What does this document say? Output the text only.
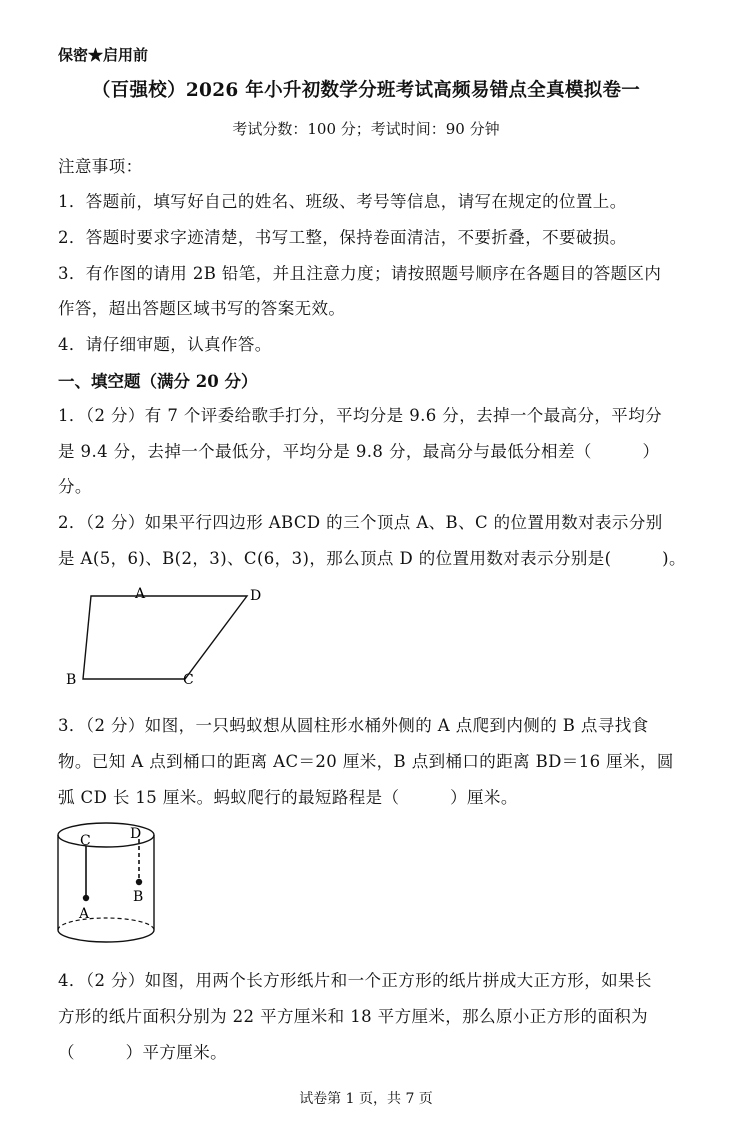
保密★启用前
（百强校）2026 年小升初数学分班考试高频易错点全真模拟卷一
考试分数：100 分；考试时间：90 分钟
注意事项：
1．答题前，填写好自己的姓名、班级、考号等信息，请写在规定的位置上。
2．答题时要求字迹清楚，书写工整，保持卷面清洁，不要折叠，不要破损。
3．有作图的请用 2B 铅笔，并且注意力度；请按照题号顺序在各题目的答题区内
作答，超出答题区域书写的答案无效。
4．请仔细审题，认真作答。
一、填空题（满分 20 分）
1．（2 分）有 7 个评委给歌手打分，平均分是 9.6 分，去掉一个最高分，平均分
是 9.4 分，去掉一个最低分，平均分是 9.8 分，最高分与最低分相差（　　　）
分。
2．（2 分）如果平行四边形 ABCD 的三个顶点 A、B、C 的位置用数对表示分别
是 A(5，6)、B(2，3)、C(6，3)，那么顶点 D 的位置用数对表示分别是(　　　)。
A	D
B	C
3．（2 分）如图，一只蚂蚁想从圆柱形水桶外侧的 A 点爬到内侧的 B 点寻找食
物。已知 A 点到桶口的距离 AC＝20 厘米，B 点到桶口的距离 BD＝16 厘米，圆
弧 CD 长 15 厘米。蚂蚁爬行的最短路程是（　　　）厘米。
C	D
A
B
4．（2 分）如图，用两个长方形纸片和一个正方形的纸片拼成大正方形，如果长
方形的纸片面积分别为 22 平方厘米和 18 平方厘米，那么原小正方形的面积为
（　　　）平方厘米。
试卷第 1 页，共 7 页
